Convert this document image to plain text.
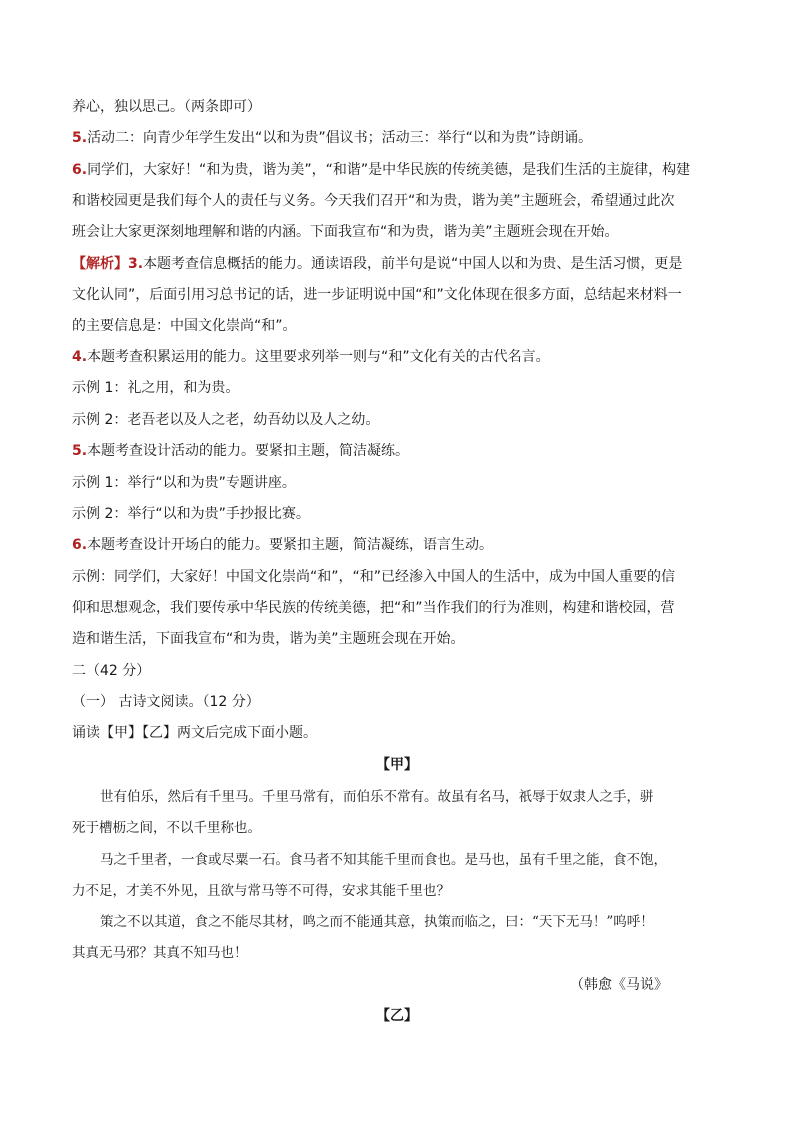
养心，独以思己。（两条即可）
5.活动二：向青少年学生发出“以和为贵”倡议书；活动三：举行“以和为贵”诗朗诵。
6.同学们，大家好！“和为贵，谐为美”，“和谐”是中华民族的传统美德，是我们生活的主旋律，构建
和谐校园更是我们每个人的责任与义务。今天我们召开“和为贵，谐为美”主题班会，希望通过此次
班会让大家更深刻地理解和谐的内涵。下面我宣布“和为贵，谐为美”主题班会现在开始。
【解析】3.本题考查信息概括的能力。通读语段，前半句是说“中国人以和为贵、是生活习惯，更是
文化认同”，后面引用习总书记的话，进一步证明说中国“和”文化体现在很多方面，总结起来材料一
的主要信息是：中国文化崇尚“和”。
4.本题考查积累运用的能力。这里要求列举一则与“和”文化有关的古代名言。
示例 1：礼之用，和为贵。
示例 2：老吾老以及人之老，幼吾幼以及人之幼。
5.本题考查设计活动的能力。要紧扣主题，简洁凝练。
示例 1：举行“以和为贵”专题讲座。
示例 2：举行“以和为贵”手抄报比赛。
6.本题考查设计开场白的能力。要紧扣主题，简洁凝练，语言生动。
示例：同学们，大家好！中国文化崇尚“和”，“和”已经渗入中国人的生活中，成为中国人重要的信
仰和思想观念，我们要传承中华民族的传统美德，把“和”当作我们的行为准则，构建和谐校园，营
造和谐生活，下面我宣布“和为贵，谐为美”主题班会现在开始。
二（42 分）
（一） 古诗文阅读。（12 分）
诵读【甲】【乙】两文后完成下面小题。
【甲】
世有伯乐，然后有千里马。千里马常有，而伯乐不常有。故虽有名马，祇辱于奴隶人之手，骈
死于槽枥之间，不以千里称也。
马之千里者，一食或尽粟一石。食马者不知其能千里而食也。是马也，虽有千里之能，食不饱，
力不足，才美不外见，且欲与常马等不可得，安求其能千里也？
策之不以其道，食之不能尽其材，鸣之而不能通其意，执策而临之，曰：“天下无马！”呜呼！
其真无马邪？其真不知马也！
（韩愈《马说》
【乙】
